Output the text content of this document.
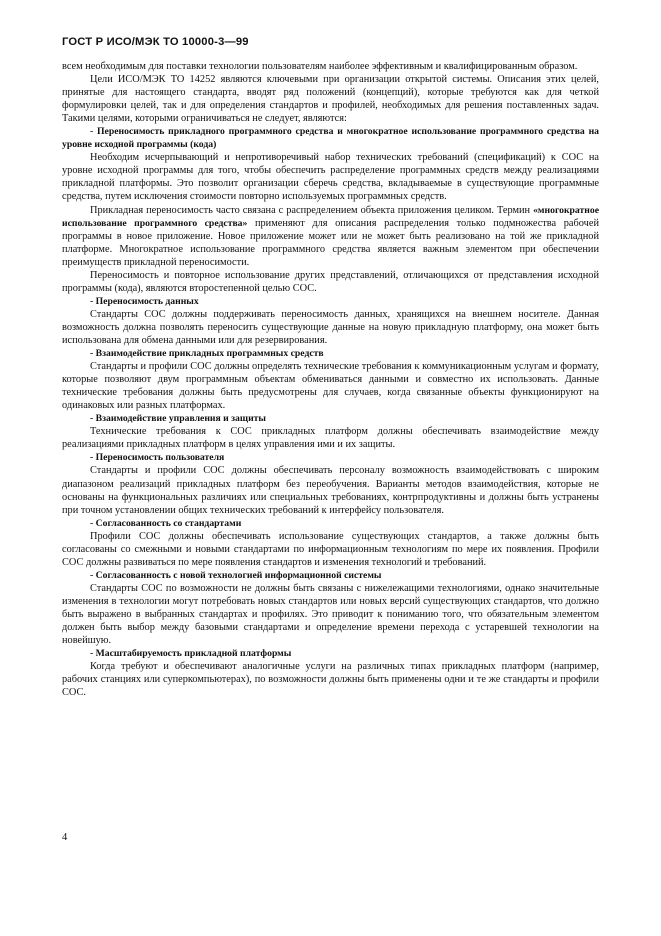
ГОСТ Р ИСО/МЭК ТО 10000-3—99

всем необходимым для поставки технологии пользователям наиболее эффективным и квалифицированным образом.

Цели ИСО/МЭК ТО 14252 являются ключевыми при организации открытой системы. Описания этих целей, принятые для настоящего стандарта, вводят ряд положений (концепций), которые требуются как для четкой формулировки целей, так и для определения стандартов и профилей, необходимых для решения поставленных задач. Такими целями, которыми ограничиваться не следует, являются:

- Переносимость прикладного программного средства и многократное использование программного средства на уровне исходной программы (кода)

Необходим исчерпывающий и непротиворечивый набор технических требований (спецификаций) к СОС на уровне исходной программы для того, чтобы обеспечить распределение программных средств между реализациями прикладной платформы. Это позволит организации сберечь средства, вкладываемые в существующие программные средства, путем исключения стоимости повторно используемых программных средств.

Прикладная переносимость часто связана с распределением объекта приложения целиком. Термин «многократное использование программного средства» применяют для описания распределения только подмножества рабочей программы в новое приложение. Новое приложение может или не может быть реализовано на той же прикладной платформе. Многократное использование программного средства является важным элементом при обеспечении преимуществ прикладной переносимости.

Переносимость и повторное использование других представлений, отличающихся от представления исходной программы (кода), являются второстепенной целью СОС.

- Переносимость данных

Стандарты СОС должны поддерживать переносимость данных, хранящихся на внешнем носителе. Данная возможность должна позволять переносить существующие данные на новую прикладную платформу, она может быть использована для обмена данными или для резервирования.

- Взаимодействие прикладных программных средств

Стандарты и профили СОС должны определять технические требования к коммуникационным услугам и формату, которые позволяют двум программным объектам обмениваться данными и совместно их использовать. Данные технические требования должны быть предусмотрены для случаев, когда связанные объекты функционируют на одинаковых или разных платформах.

- Взаимодействие управления и защиты

Технические требования к СОС прикладных платформ должны обеспечивать взаимодействие между реализациями прикладных платформ в целях управления ими и их защиты.

- Переносимость пользователя

Стандарты и профили СОС должны обеспечивать персоналу возможность взаимодействовать с широким диапазоном реализаций прикладных платформ без переобучения. Варианты методов взаимодействия, которые не основаны на функциональных различиях или специальных требованиях, контрпродуктивны и должны быть устранены при точном установлении общих технических требований к интерфейсу пользователя.

- Согласованность со стандартами

Профили СОС должны обеспечивать использование существующих стандартов, а также должны быть согласованы со смежными и новыми стандартами по информационным технологиям по мере их появления. Профили СОС должны развиваться по мере появления стандартов и изменения технологий и требований.

- Согласованность с новой технологией информационной системы

Стандарты СОС по возможности не должны быть связаны с нижележащими технологиями, однако значительные изменения в технологии могут потребовать новых стандартов или новых версий существующих стандартов, что должно быть выражено в выбранных стандартах и профилях. Это приводит к пониманию того, что обязательным элементом должен быть выбор между базовыми стандартами и определение времени перехода с устаревшей технологии на новейшую.

- Масштабируемость прикладной платформы

Когда требуют и обеспечивают аналогичные услуги на различных типах прикладных платформ (например, рабочих станциях или суперкомпьютерах), по возможности должны быть применены одни и те же стандарты и профили СОС.

4
